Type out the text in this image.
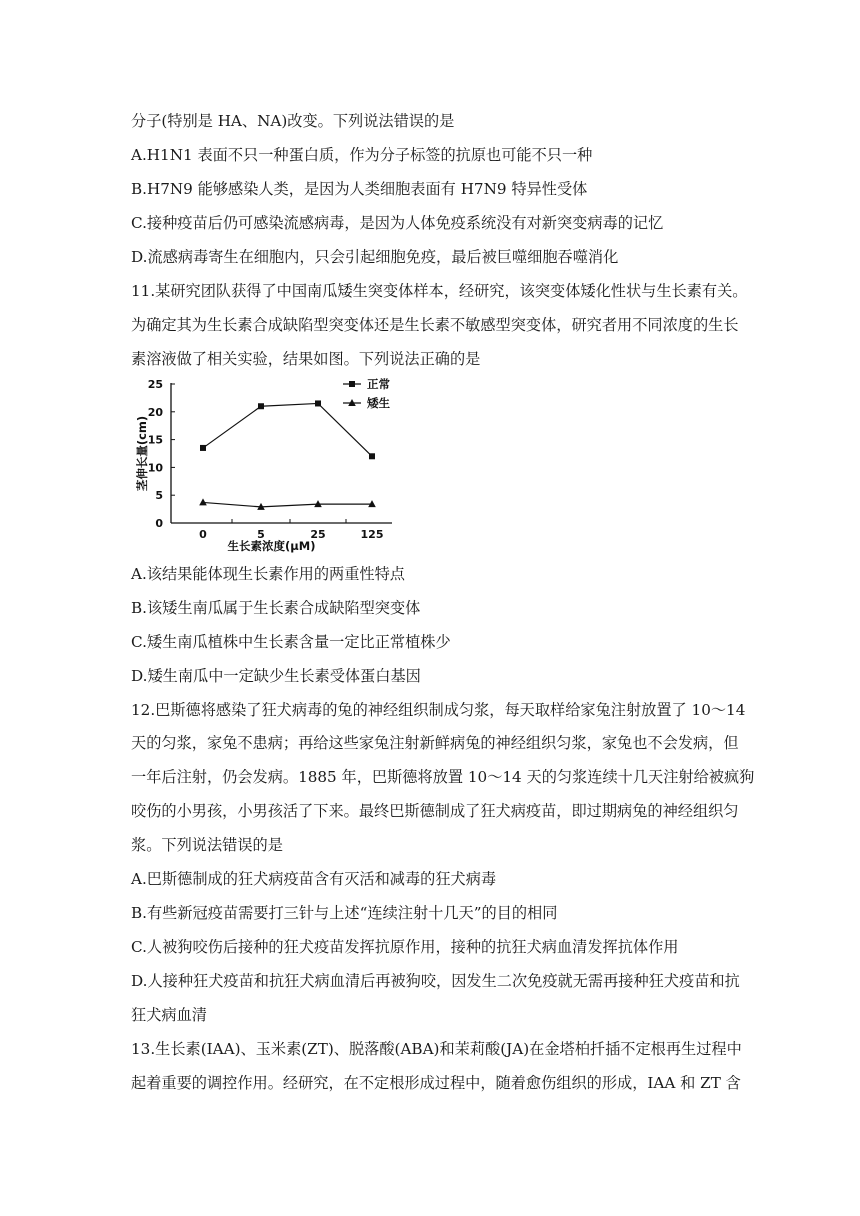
分子(特别是 HA、NA)改变。下列说法错误的是
A.H1N1 表面不只一种蛋白质，作为分子标签的抗原也可能不只一种
B.H7N9 能够感染人类，是因为人类细胞表面有 H7N9 特异性受体
C.接种疫苗后仍可感染流感病毒，是因为人体免疫系统没有对新突变病毒的记忆
D.流感病毒寄生在细胞内，只会引起细胞免疫，最后被巨噬细胞吞噬消化
11.某研究团队获得了中国南瓜矮生突变体样本，经研究，该突变体矮化性状与生长素有关。
为确定其为生长素合成缺陷型突变体还是生长素不敏感型突变体，研究者用不同浓度的生长
素溶液做了相关实验，结果如图。下列说法正确的是
0
5
10
15
20
25
0	5	25	125
生长素浓度(μM)
茎伸长量(cm)
正常
矮生
A.该结果能体现生长素作用的两重性特点
B.该矮生南瓜属于生长素合成缺陷型突变体
C.矮生南瓜植株中生长素含量一定比正常植株少
D.矮生南瓜中一定缺少生长素受体蛋白基因
12.巴斯德将感染了狂犬病毒的兔的神经组织制成匀浆，每天取样给家兔注射放置了 10～14
天的匀浆，家兔不患病；再给这些家兔注射新鲜病兔的神经组织匀浆，家兔也不会发病，但
一年后注射，仍会发病。1885 年，巴斯德将放置 10～14 天的匀浆连续十几天注射给被疯狗
咬伤的小男孩，小男孩活了下来。最终巴斯德制成了狂犬病疫苗，即过期病兔的神经组织匀
浆。下列说法错误的是
A.巴斯德制成的狂犬病疫苗含有灭活和减毒的狂犬病毒
B.有些新冠疫苗需要打三针与上述“连续注射十几天”的目的相同
C.人被狗咬伤后接种的狂犬疫苗发挥抗原作用，接种的抗狂犬病血清发挥抗体作用
D.人接种狂犬疫苗和抗狂犬病血清后再被狗咬，因发生二次免疫就无需再接种狂犬疫苗和抗
狂犬病血清
13.生长素(IAA)、玉米素(ZT)、脱落酸(ABA)和茉莉酸(JA)在金塔柏扦插不定根再生过程中
起着重要的调控作用。经研究，在不定根形成过程中，随着愈伤组织的形成，IAA 和 ZT 含
